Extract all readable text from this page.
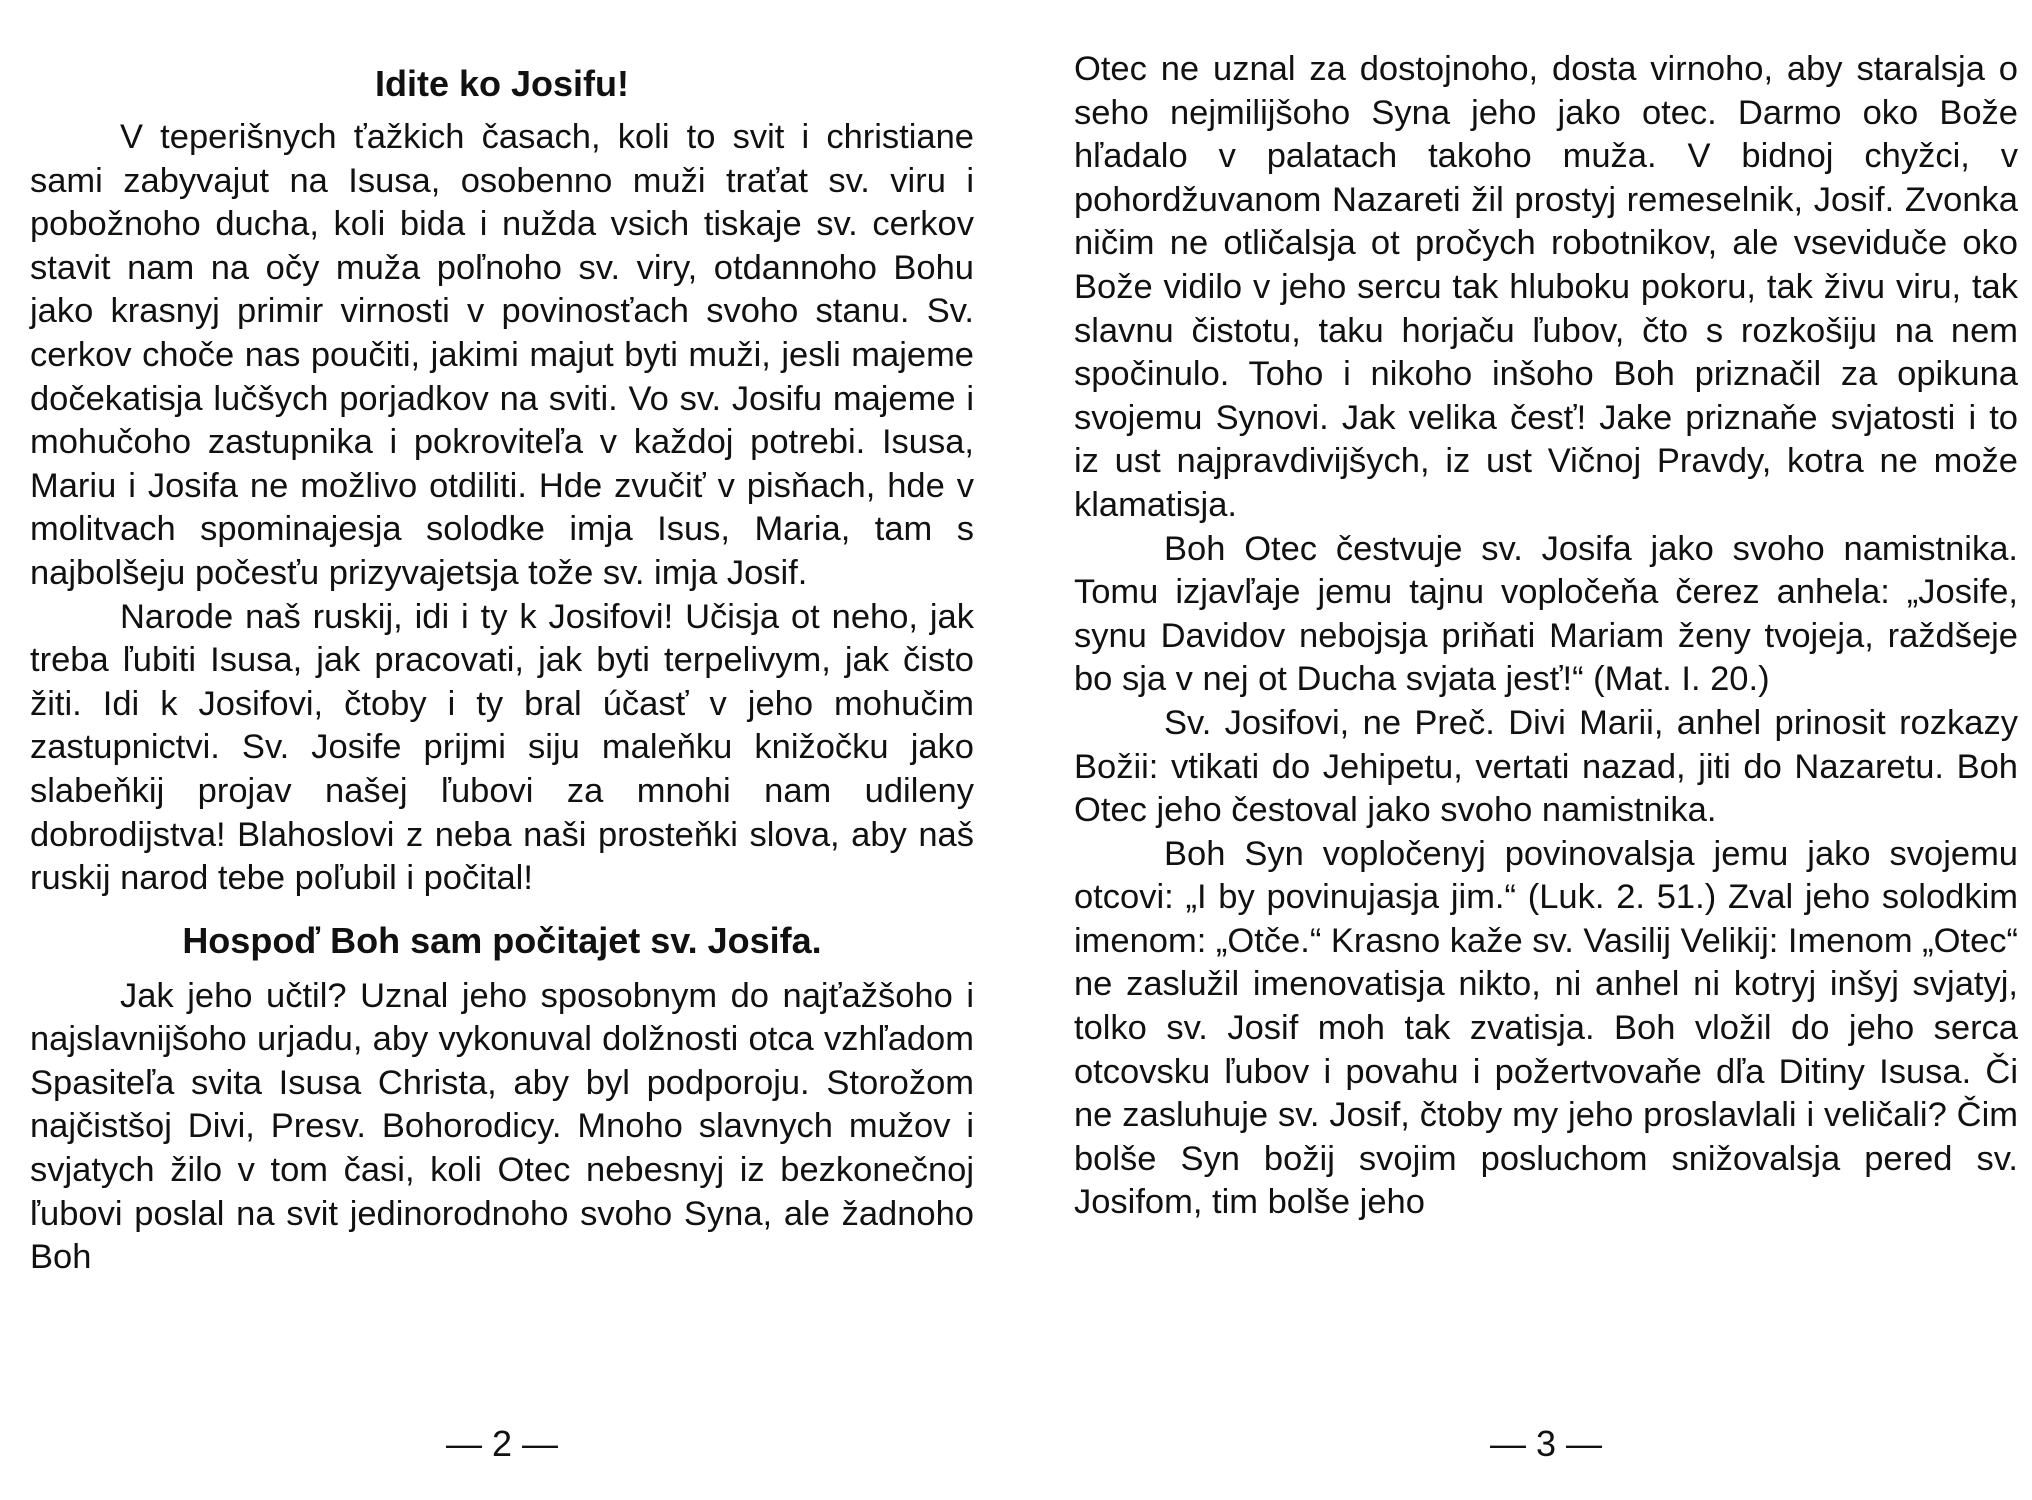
Idite ko Josifu!

V teperišnych ťažkich časach, koli to svit i christiane sami zabyvajut na Isusa, osobenno muži traťat sv. viru i pobožnoho ducha, koli bida i nužda vsich tiskaje sv. cerkov stavit nam na očy muža poľnoho sv. viry, otdannoho Bohu jako krasnyj primir virnosti v povinosťach svoho stanu. Sv. cerkov choče nas poučiti, jakimi majut byti muži, jesli majeme dočekatisja lučšych porjadkov na sviti. Vo sv. Josifu majeme i mohučoho zastupnika i pokroviteľa v každoj potrebi. Isusa, Mariu i Josifa ne možlivo otdiliti. Hde zvučiť v pisňach, hde v molitvach spominajesja solodke imja Isus, Maria, tam s najbolšeju počesťu prizyvajetsja tože sv. imja Josif.

Narode naš ruskij, idi i ty k Josifovi! Učisja ot neho, jak treba ľubiti Isusa, jak pracovati, jak byti terpelivym, jak čisto žiti. Idi k Josifovi, čtoby i ty bral účasť v jeho mohučim zastupnictvi. Sv. Josife prijmi siju maleňku knižočku jako slabeňkij projav našej ľubovi za mnohi nam udileny dobrodijstva! Blahoslovi z neba naši prosteňki slova, aby naš ruskij narod tebe poľubil i počital!

Hospoď Boh sam počitajet sv. Josifa.

Jak jeho učtil? Uznal jeho sposobnym do najťažšoho i najslavnijšoho urjadu, aby vykonuval dolžnosti otca vzhľadom Spasiteľa svita Isusa Christa, aby byl podporoju. Storožom najčistšoj Divi, Presv. Bohorodicy. Mnoho slavnych mužov i svjatych žilo v tom časi, koli Otec nebesnyj iz bezkonečnoj ľubovi poslal na svit jedinorodnoho svoho Syna, ale žadnoho Boh

— 2 —

Otec ne uznal za dostojnoho, dosta virnoho, aby staralsja o seho nejmilijšoho Syna jeho jako otec. Darmo oko Bože hľadalo v palatach takoho muža. V bidnoj chyžci, v pohordžuvanom Nazareti žil prostyj remeselnik, Josif. Zvonka ničim ne otličalsja ot pročych robotnikov, ale vseviduče oko Bože vidilo v jeho sercu tak hluboku pokoru, tak živu viru, tak slavnu čistotu, taku horjaču ľubov, čto s rozkošiju na nem spočinulo. Toho i nikoho inšoho Boh priznačil za opikuna svojemu Synovi. Jak velika česť! Jake priznaňe svjatosti i to iz ust najpravdivijšych, iz ust Vičnoj Pravdy, kotra ne može klamatisja.

Boh Otec čestvuje sv. Josifa jako svoho namistnika. Tomu izjavľaje jemu tajnu vopločeňa čerez anhela: „Josife, synu Davidov nebojsja priňati Mariam ženy tvojeja, raždšeje bo sja v nej ot Ducha svjata jesť!“ (Mat. I. 20.)

Sv. Josifovi, ne Preč. Divi Marii, anhel prinosit rozkazy Božii: vtikati do Jehipetu, vertati nazad, jiti do Nazaretu. Boh Otec jeho čestoval jako svoho namistnika.

Boh Syn vopločenyj povinovalsja jemu jako svojemu otcovi: „I by povinujasja jim.“ (Luk. 2. 51.) Zval jeho solodkim imenom: „Otče.“ Krasno kaže sv. Vasilij Velikij: Imenom „Otec“ ne zaslužil imenovatisja nikto, ni anhel ni kotryj inšyj svjatyj, tolko sv. Josif moh tak zvatisja. Boh vložil do jeho serca otcovsku ľubov i povahu i požertvovaňe dľa Ditiny Isusa. Či ne zasluhuje sv. Josif, čtoby my jeho proslavlali i veličali? Čim bolše Syn božij svojim posluchom snižovalsja pered sv. Josifom, tim bolše jeho

— 3 —
